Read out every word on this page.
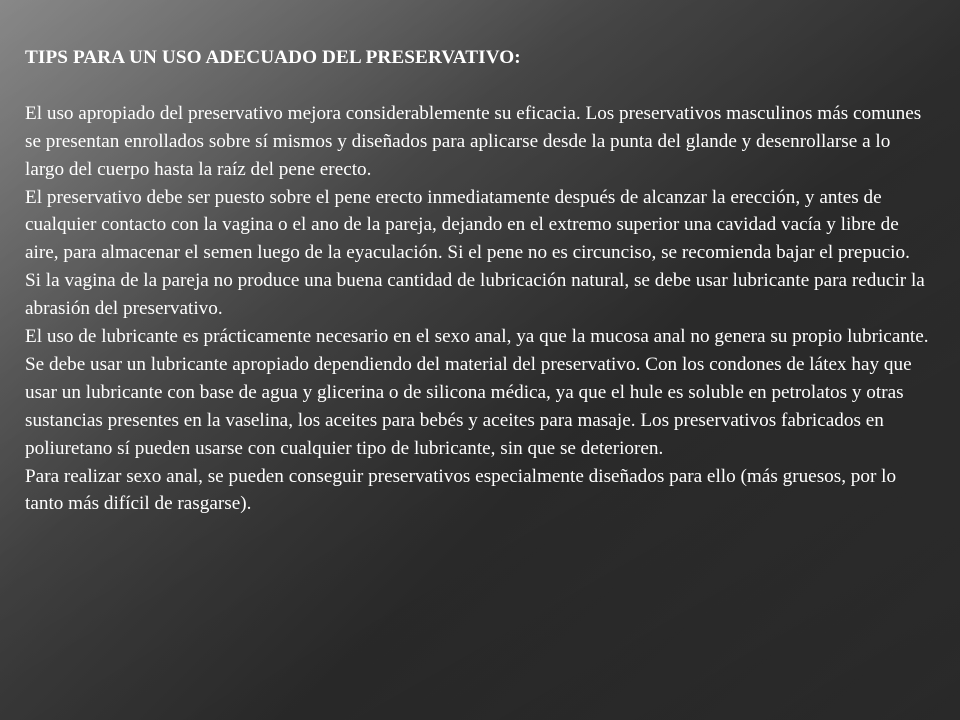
TIPS PARA UN USO ADECUADO DEL PRESERVATIVO:

El uso apropiado del preservativo mejora considerablemente su eficacia. Los preservativos masculinos más comunes se presentan enrollados sobre sí mismos y diseñados para aplicarse desde la punta del glande y desenrollarse a lo largo del cuerpo hasta la raíz del pene erecto.

El preservativo debe ser puesto sobre el pene erecto inmediatamente después de alcanzar la erección, y antes de cualquier contacto con la vagina o el ano de la pareja, dejando en el extremo superior una cavidad vacía y libre de aire, para almacenar el semen luego de la eyaculación. Si el pene no es circunciso, se recomienda bajar el prepucio.

Si la vagina de la pareja no produce una buena cantidad de lubricación natural, se debe usar lubricante para reducir la abrasión del preservativo.

El uso de lubricante es prácticamente necesario en el sexo anal, ya que la mucosa anal no genera su propio lubricante.

Se debe usar un lubricante apropiado dependiendo del material del preservativo. Con los condones de látex hay que usar un lubricante con base de agua y glicerina o de silicona médica, ya que el hule es soluble en petrolatos y otras sustancias presentes en la vaselina, los aceites para bebés y aceites para masaje. Los preservativos fabricados en poliuretano sí pueden usarse con cualquier tipo de lubricante, sin que se deterioren.

Para realizar sexo anal, se pueden conseguir preservativos especialmente diseñados para ello (más gruesos, por lo tanto más difícil de rasgarse).
